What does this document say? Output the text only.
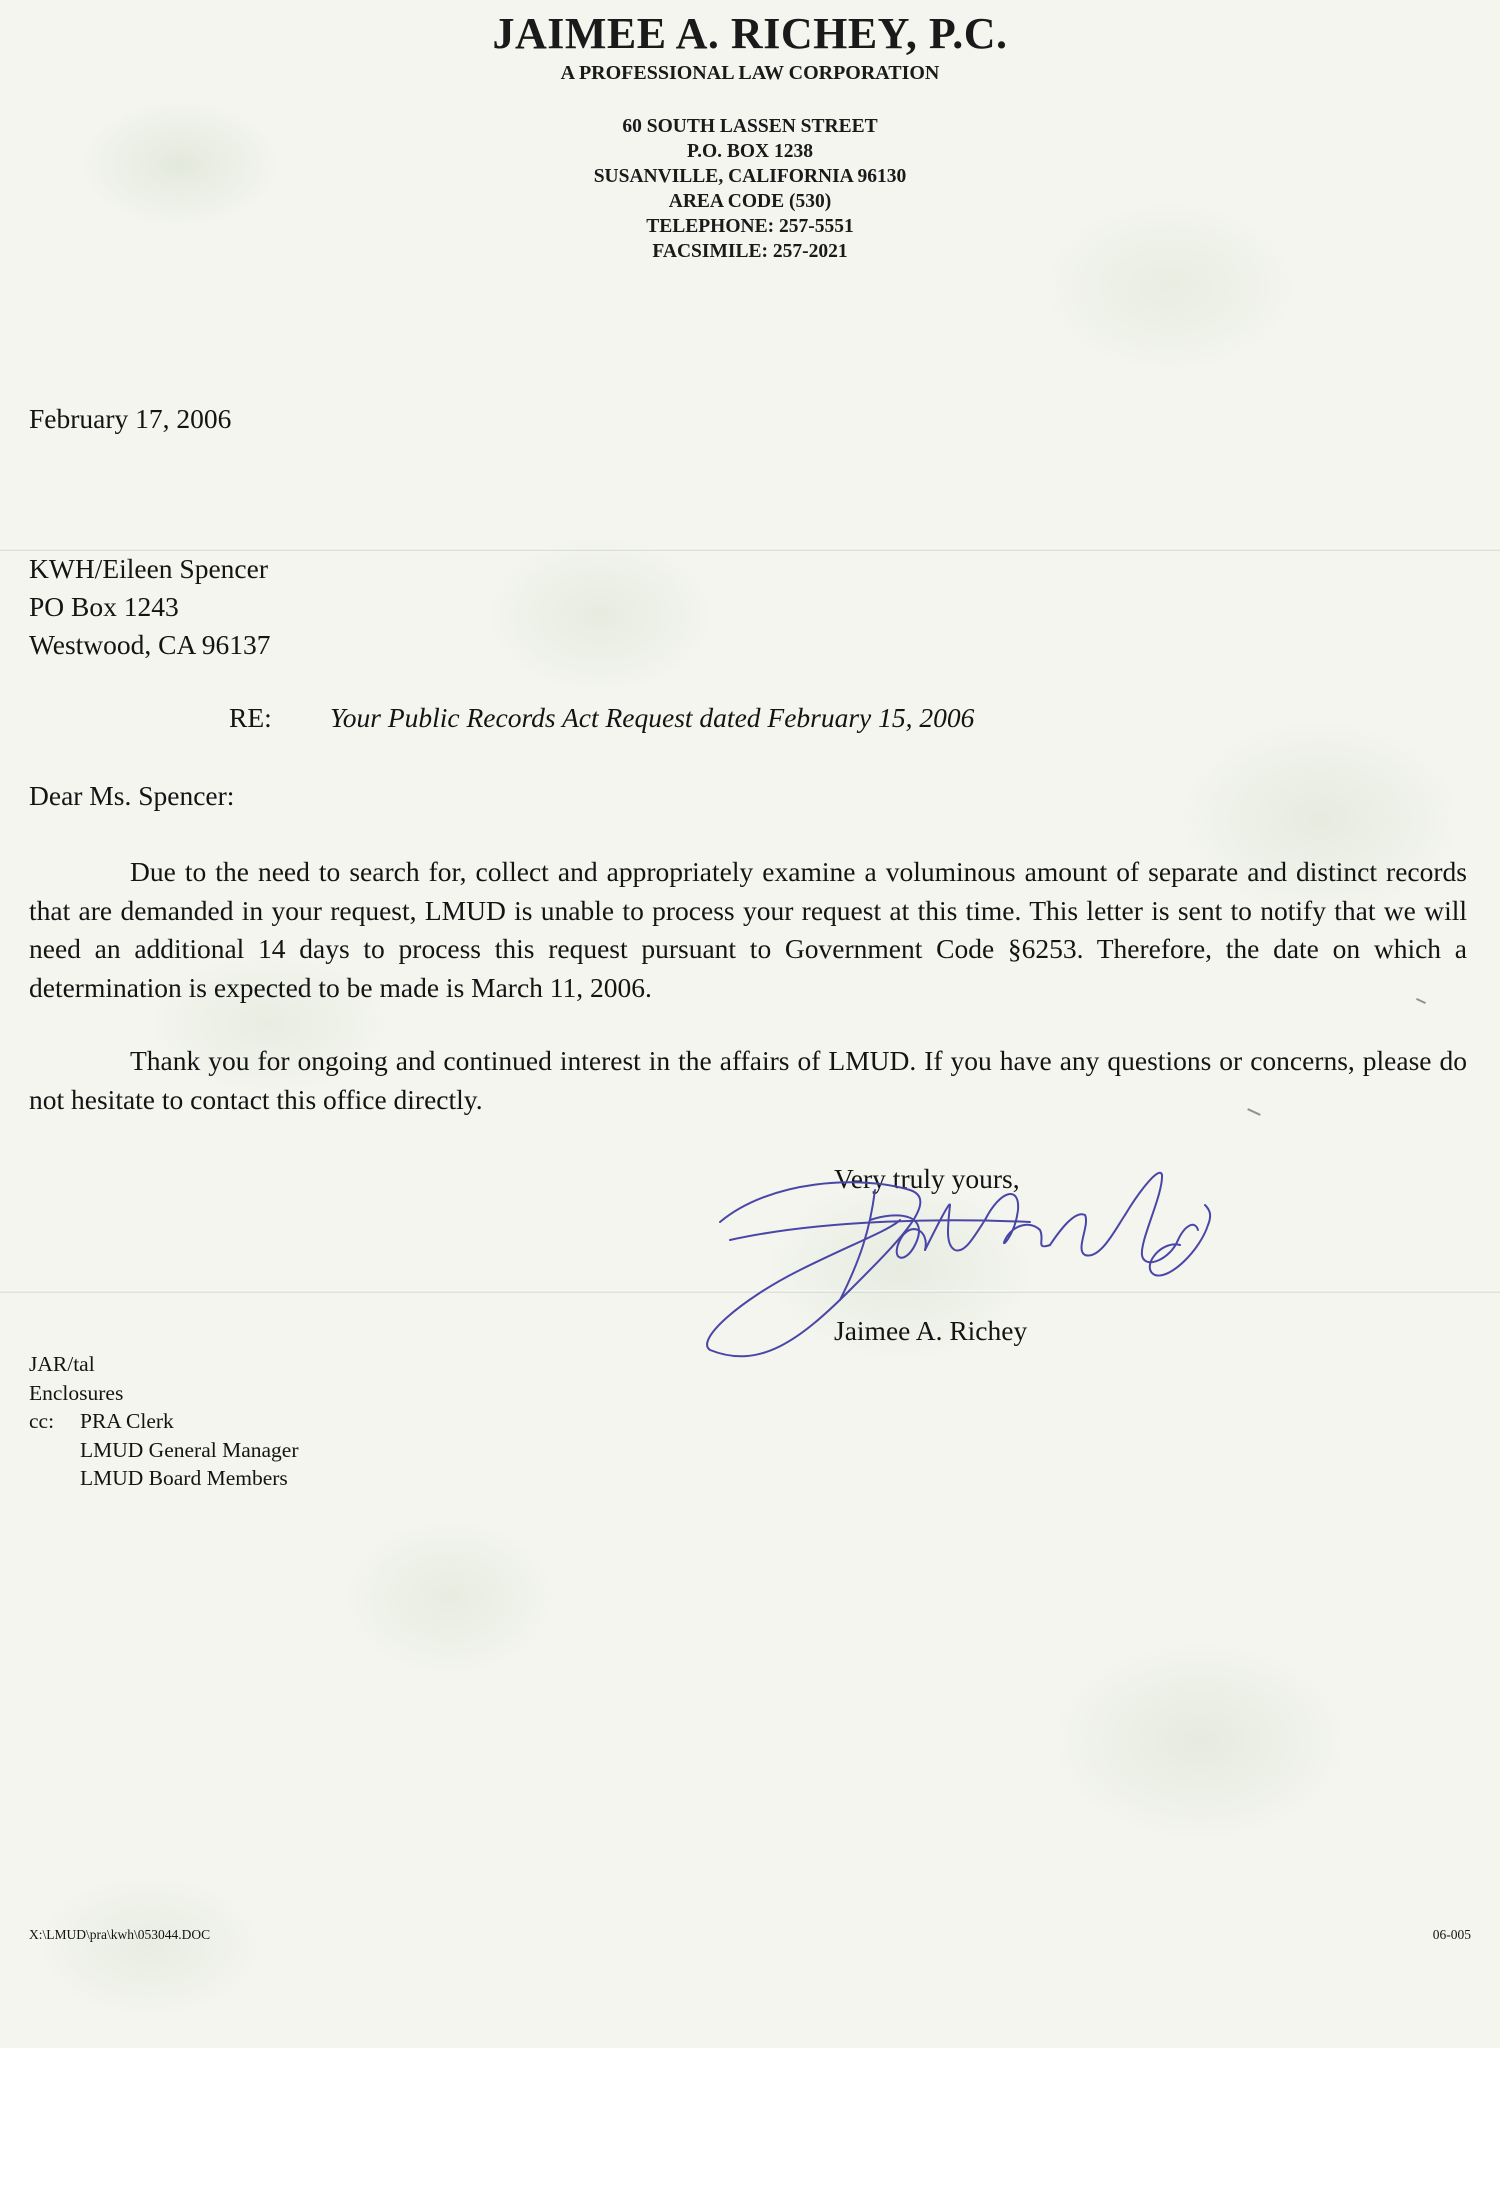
JAIMEE A. RICHEY, P.C.
A PROFESSIONAL LAW CORPORATION
60 SOUTH LASSEN STREET
P.O. BOX 1238
SUSANVILLE, CALIFORNIA 96130
AREA CODE (530)
TELEPHONE: 257-5551
FACSIMILE: 257-2021
February 17, 2006
KWH/Eileen Spencer
PO Box 1243
Westwood, CA 96137
RE: Your Public Records Act Request dated February 15, 2006
Dear Ms. Spencer:
Due to the need to search for, collect and appropriately examine a voluminous amount of separate and distinct records that are demanded in your request, LMUD is unable to process your request at this time. This letter is sent to notify that we will need an additional 14 days to process this request pursuant to Government Code §6253. Therefore, the date on which a determination is expected to be made is March 11, 2006.
Thank you for ongoing and continued interest in the affairs of LMUD. If you have any questions or concerns, please do not hesitate to contact this office directly.
Very truly yours,
Jaimee A. Richey
JAR/tal
Enclosures
cc:	PRA Clerk
LMUD General Manager
LMUD Board Members
X:\LMUD\pra\kwh\053044.DOC	06-005
